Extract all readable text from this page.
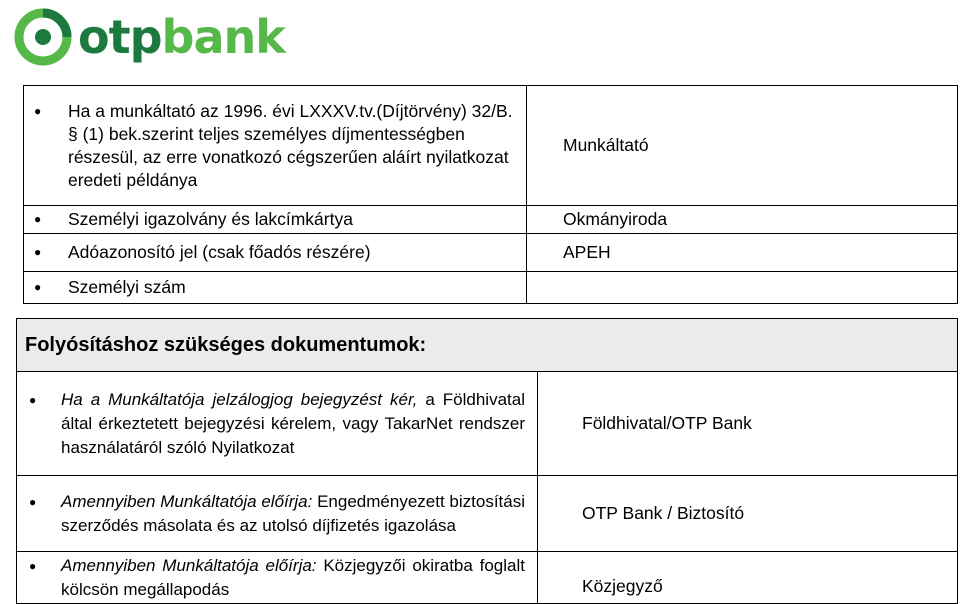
otpbank
● Ha a munkáltató az 1996. évi LXXXV.tv.(Díjtörvény) 32/B. § (1) bek.szerint teljes személyes díjmentességben részesül, az erre vonatkozó cégszerűen aláírt nyilatkozat eredeti példánya	Munkáltató

● Személyi igazolvány és lakcímkártya	Okmányiroda

● Adóazonosító jel (csak főadós részére)	APEH

● Személyi szám

Folyósításhoz szükséges dokumentumok:	

● Ha a Munkáltatója jelzálogjog bejegyzést kér, a Földhivatal által érkeztetett bejegyzési kérelem, vagy TakarNet rendszer használatáról szóló Nyilatkozat	Földhivatal/OTP Bank

● Amennyiben Munkáltatója előírja: Engedményezett biztosítási szerződés másolata és az utolsó díjfizetés igazolása	OTP Bank / Biztosító

● Amennyiben Munkáltatója előírja: Közjegyzői okiratba foglalt kölcsön megállapodás	Közjegyző
